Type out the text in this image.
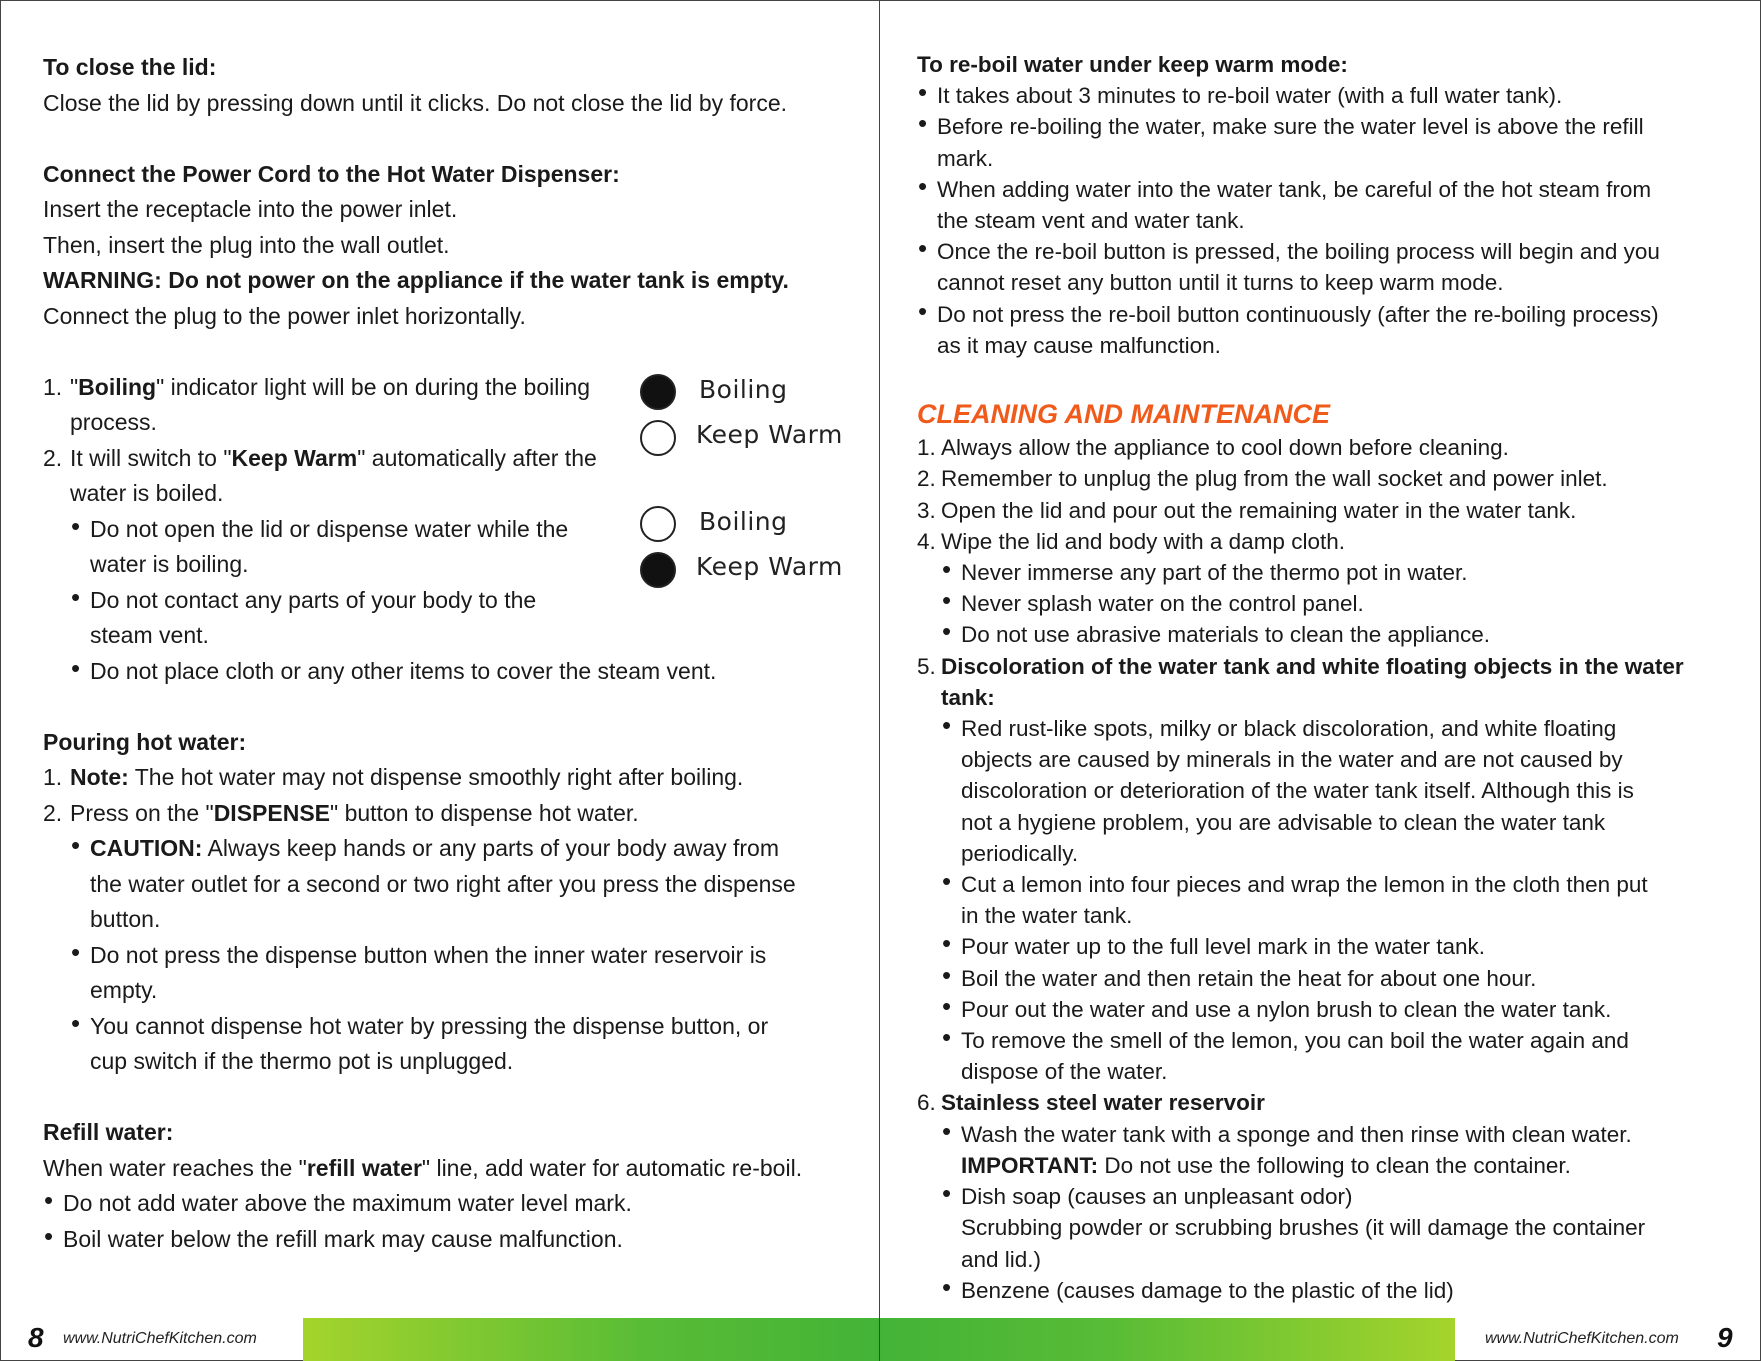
To close the lid:
Close the lid by pressing down until it clicks. Do not close the lid by force.
Connect the Power Cord to the Hot Water Dispenser:
Insert the receptacle into the power inlet.
Then, insert the plug into the wall outlet.
WARNING: Do not power on the appliance if the water tank is empty.
Connect the plug to the power inlet horizontally.
1. "Boiling" indicator light will be on during the boiling
process.
2. It will switch to "Keep Warm" automatically after the
water is boiled.
• Do not open the lid or dispense water while the
water is boiling.
• Do not contact any parts of your body to the
steam vent.
• Do not place cloth or any other items to cover the steam vent.
Pouring hot water:
1. Note: The hot water may not dispense smoothly right after boiling.
2. Press on the "DISPENSE" button to dispense hot water.
• CAUTION: Always keep hands or any parts of your body away from
the water outlet for a second or two right after you press the dispense
button.
• Do not press the dispense button when the inner water reservoir is
empty.
• You cannot dispense hot water by pressing the dispense button, or
cup switch if the thermo pot is unplugged.
Refill water:
When water reaches the "refill water" line, add water for automatic re-boil.
• Do not add water above the maximum water level mark.
• Boil water below the refill mark may cause malfunction.
Boiling
Keep Warm
Boiling
Keep Warm
To re-boil water under keep warm mode:
• It takes about 3 minutes to re-boil water (with a full water tank).
• Before re-boiling the water, make sure the water level is above the refill
mark.
• When adding water into the water tank, be careful of the hot steam from
the steam vent and water tank.
• Once the re-boil button is pressed, the boiling process will begin and you
cannot reset any button until it turns to keep warm mode.
• Do not press the re-boil button continuously (after the re-boiling process)
as it may cause malfunction.
CLEANING AND MAINTENANCE
1. Always allow the appliance to cool down before cleaning.
2. Remember to unplug the plug from the wall socket and power inlet.
3. Open the lid and pour out the remaining water in the water tank.
4. Wipe the lid and body with a damp cloth.
• Never immerse any part of the thermo pot in water.
• Never splash water on the control panel.
• Do not use abrasive materials to clean the appliance.
5. Discoloration of the water tank and white floating objects in the water
tank:
• Red rust-like spots, milky or black discoloration, and white floating
objects are caused by minerals in the water and are not caused by
discoloration or deterioration of the water tank itself. Although this is
not a hygiene problem, you are advisable to clean the water tank
periodically.
• Cut a lemon into four pieces and wrap the lemon in the cloth then put
in the water tank.
• Pour water up to the full level mark in the water tank.
• Boil the water and then retain the heat for about one hour.
• Pour out the water and use a nylon brush to clean the water tank.
• To remove the smell of the lemon, you can boil the water again and
dispose of the water.
6. Stainless steel water reservoir
• Wash the water tank with a sponge and then rinse with clean water.
IMPORTANT: Do not use the following to clean the container.
• Dish soap (causes an unpleasant odor)
Scrubbing powder or scrubbing brushes (it will damage the container
and lid.)
• Benzene (causes damage to the plastic of the lid)
8 www.NutriChefKitchen.com	www.NutriChefKitchen.com 9
